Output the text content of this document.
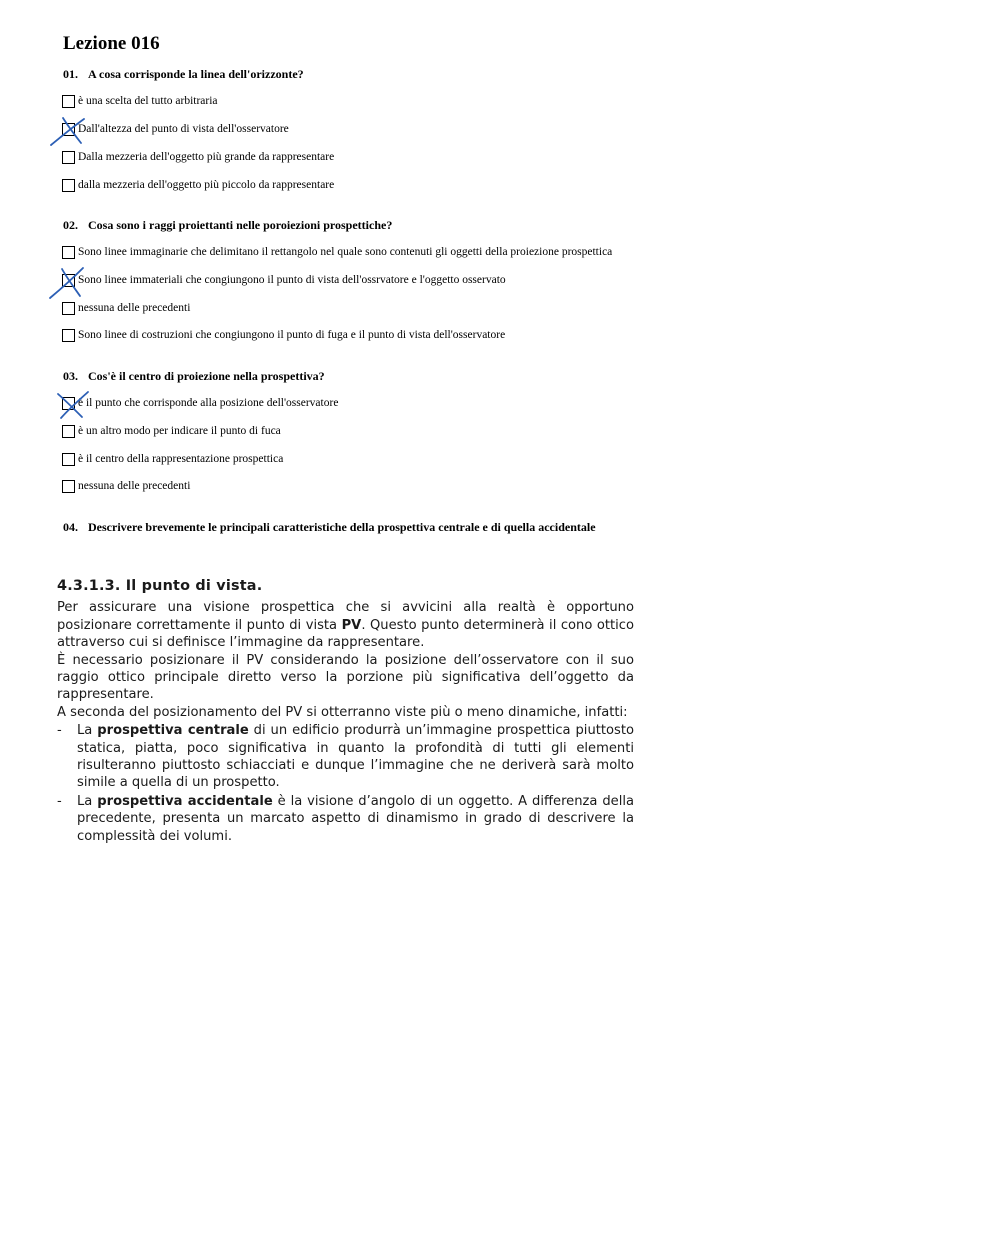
Lezione 016
01. A cosa corrisponde la linea dell'orizzonte?
è una scelta del tutto arbitraria
Dall'altezza del punto di vista dell'osservatore
Dalla mezzeria dell'oggetto più grande da rappresentare
dalla mezzeria dell'oggetto più piccolo da rappresentare
02. Cosa sono i raggi proiettanti nelle poroiezioni prospettiche?
Sono linee immaginarie che delimitano il rettangolo nel quale sono contenuti gli oggetti della proiezione prospettica
Sono linee immateriali che congiungono il punto di vista dell'ossrvatore e l'oggetto osservato
nessuna delle precedenti
Sono linee di costruzioni che congiungono il punto di fuga e il punto di vista dell'osservatore
03. Cos'è il centro di proiezione nella prospettiva?
è il punto che corrisponde alla posizione dell'osservatore
è un altro modo per indicare il punto di fuca
è il centro della rappresentazione prospettica
nessuna delle precedenti
04. Descrivere brevemente le principali caratteristiche della prospettiva centrale e di quella accidentale
4.3.1.3. Il punto di vista.

Per assicurare una visione prospettica che si avvicini alla realtà è opportuno posizionare correttamente il punto di vista PV. Questo punto determinerà il cono ottico attraverso cui si definisce l’immagine da rappresentare.

È necessario posizionare il PV considerando la posizione dell’osservatore con il suo raggio ottico principale diretto verso la porzione più significativa dell’oggetto da rappresentare.

A seconda del posizionamento del PV si otterranno viste più o meno dinamiche, infatti:

-	La prospettiva centrale di un edificio produrrà un’immagine prospettica piuttosto statica, piatta, poco significativa in quanto la profondità di tutti gli elementi risulteranno piuttosto schiacciati e dunque l’immagine che ne deriverà sarà molto simile a quella di un prospetto.
-	La prospettiva accidentale è la visione d’angolo di un oggetto. A differenza della precedente, presenta un marcato aspetto di dinamismo in grado di descrivere la complessità dei volumi.
